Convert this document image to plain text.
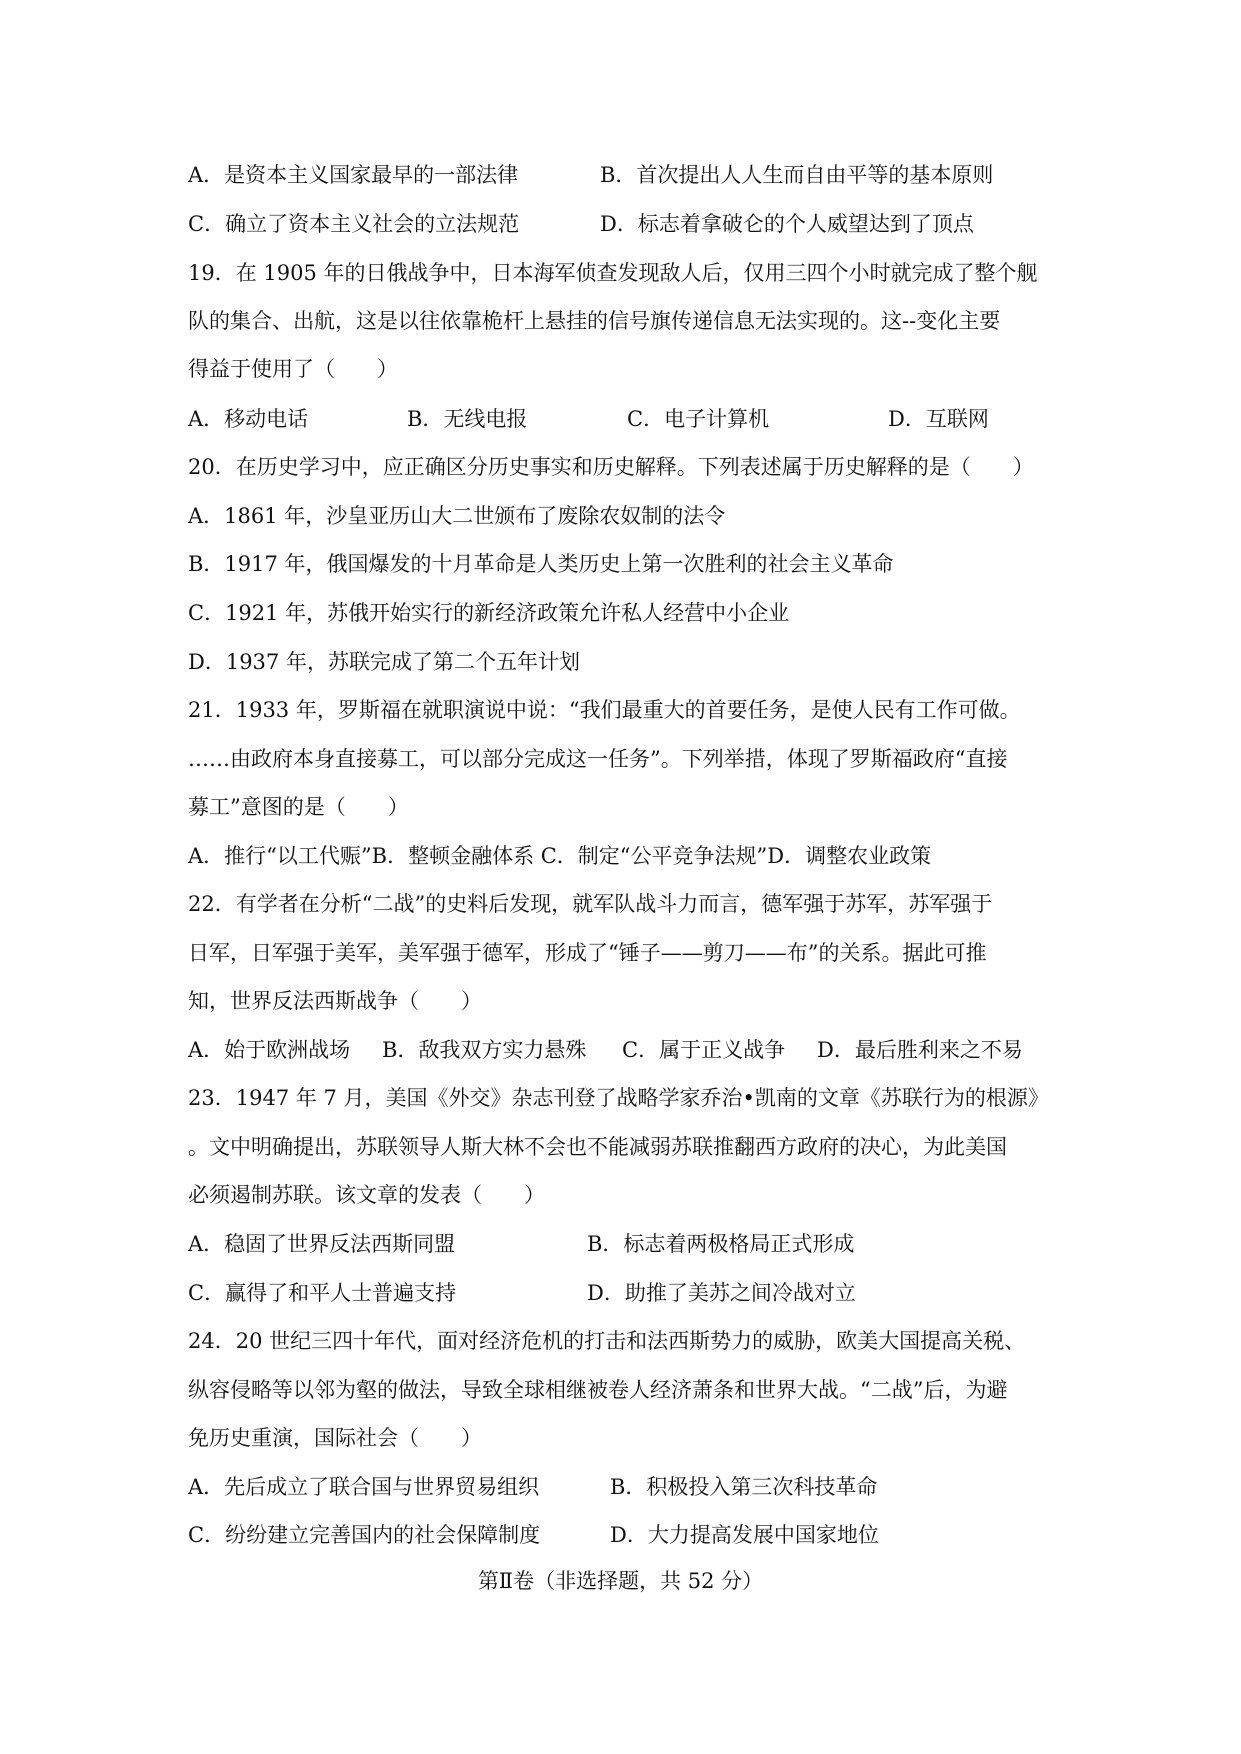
A．是资本主义国家最早的一部法律	B．首次提出人人生而自由平等的基本原则
C．确立了资本主义社会的立法规范	D．标志着拿破仑的个人威望达到了顶点
19．在 1905 年的日俄战争中，日本海军侦查发现敌人后，仅用三四个小时就完成了整个舰
队的集合、出航，这是以往依靠桅杆上悬挂的信号旗传递信息无法实现的。这--变化主要
得益于使用了（　　）
A．移动电话	B．无线电报	C．电子计算机	D．互联网
20．在历史学习中，应正确区分历史事实和历史解释。下列表述属于历史解释的是（　　）
A．1861 年，沙皇亚历山大二世颁布了废除农奴制的法令
B．1917 年，俄国爆发的十月革命是人类历史上第一次胜利的社会主义革命
C．1921 年，苏俄开始实行的新经济政策允许私人经营中小企业
D．1937 年，苏联完成了第二个五年计划
21．1933 年，罗斯福在就职演说中说：“我们最重大的首要任务，是使人民有工作可做。
……由政府本身直接募工，可以部分完成这一任务”。下列举措，体现了罗斯福政府“直接
募工”意图的是（　　）
A．推行“以工代赈”B．整顿金融体系 C．制定“公平竞争法规”D．调整农业政策
22．有学者在分析“二战”的史料后发现，就军队战斗力而言，德军强于苏军，苏军强于
日军，日军强于美军，美军强于德军，形成了“锤子——剪刀——布”的关系。据此可推
知，世界反法西斯战争（　　）
A．始于欧洲战场 B．敌我双方实力悬殊 C．属于正义战争 D．最后胜利来之不易
23．1947 年 7 月，美国《外交》杂志刊登了战略学家乔治•凯南的文章《苏联行为的根源》
。文中明确提出，苏联领导人斯大林不会也不能减弱苏联推翻西方政府的决心，为此美国
必须遏制苏联。该文章的发表（　　）
A．稳固了世界反法西斯同盟	B．标志着两极格局正式形成
C．赢得了和平人士普遍支持	D．助推了美苏之间冷战对立
24．20 世纪三四十年代，面对经济危机的打击和法西斯势力的威胁，欧美大国提高关税、
纵容侵略等以邻为壑的做法，导致全球相继被卷人经济萧条和世界大战。“二战”后，为避
免历史重演，国际社会（　　）
A．先后成立了联合国与世界贸易组织	B．积极投入第三次科技革命
C．纷纷建立完善国内的社会保障制度	D．大力提高发展中国家地位
第Ⅱ卷（非选择题，共 52 分）
